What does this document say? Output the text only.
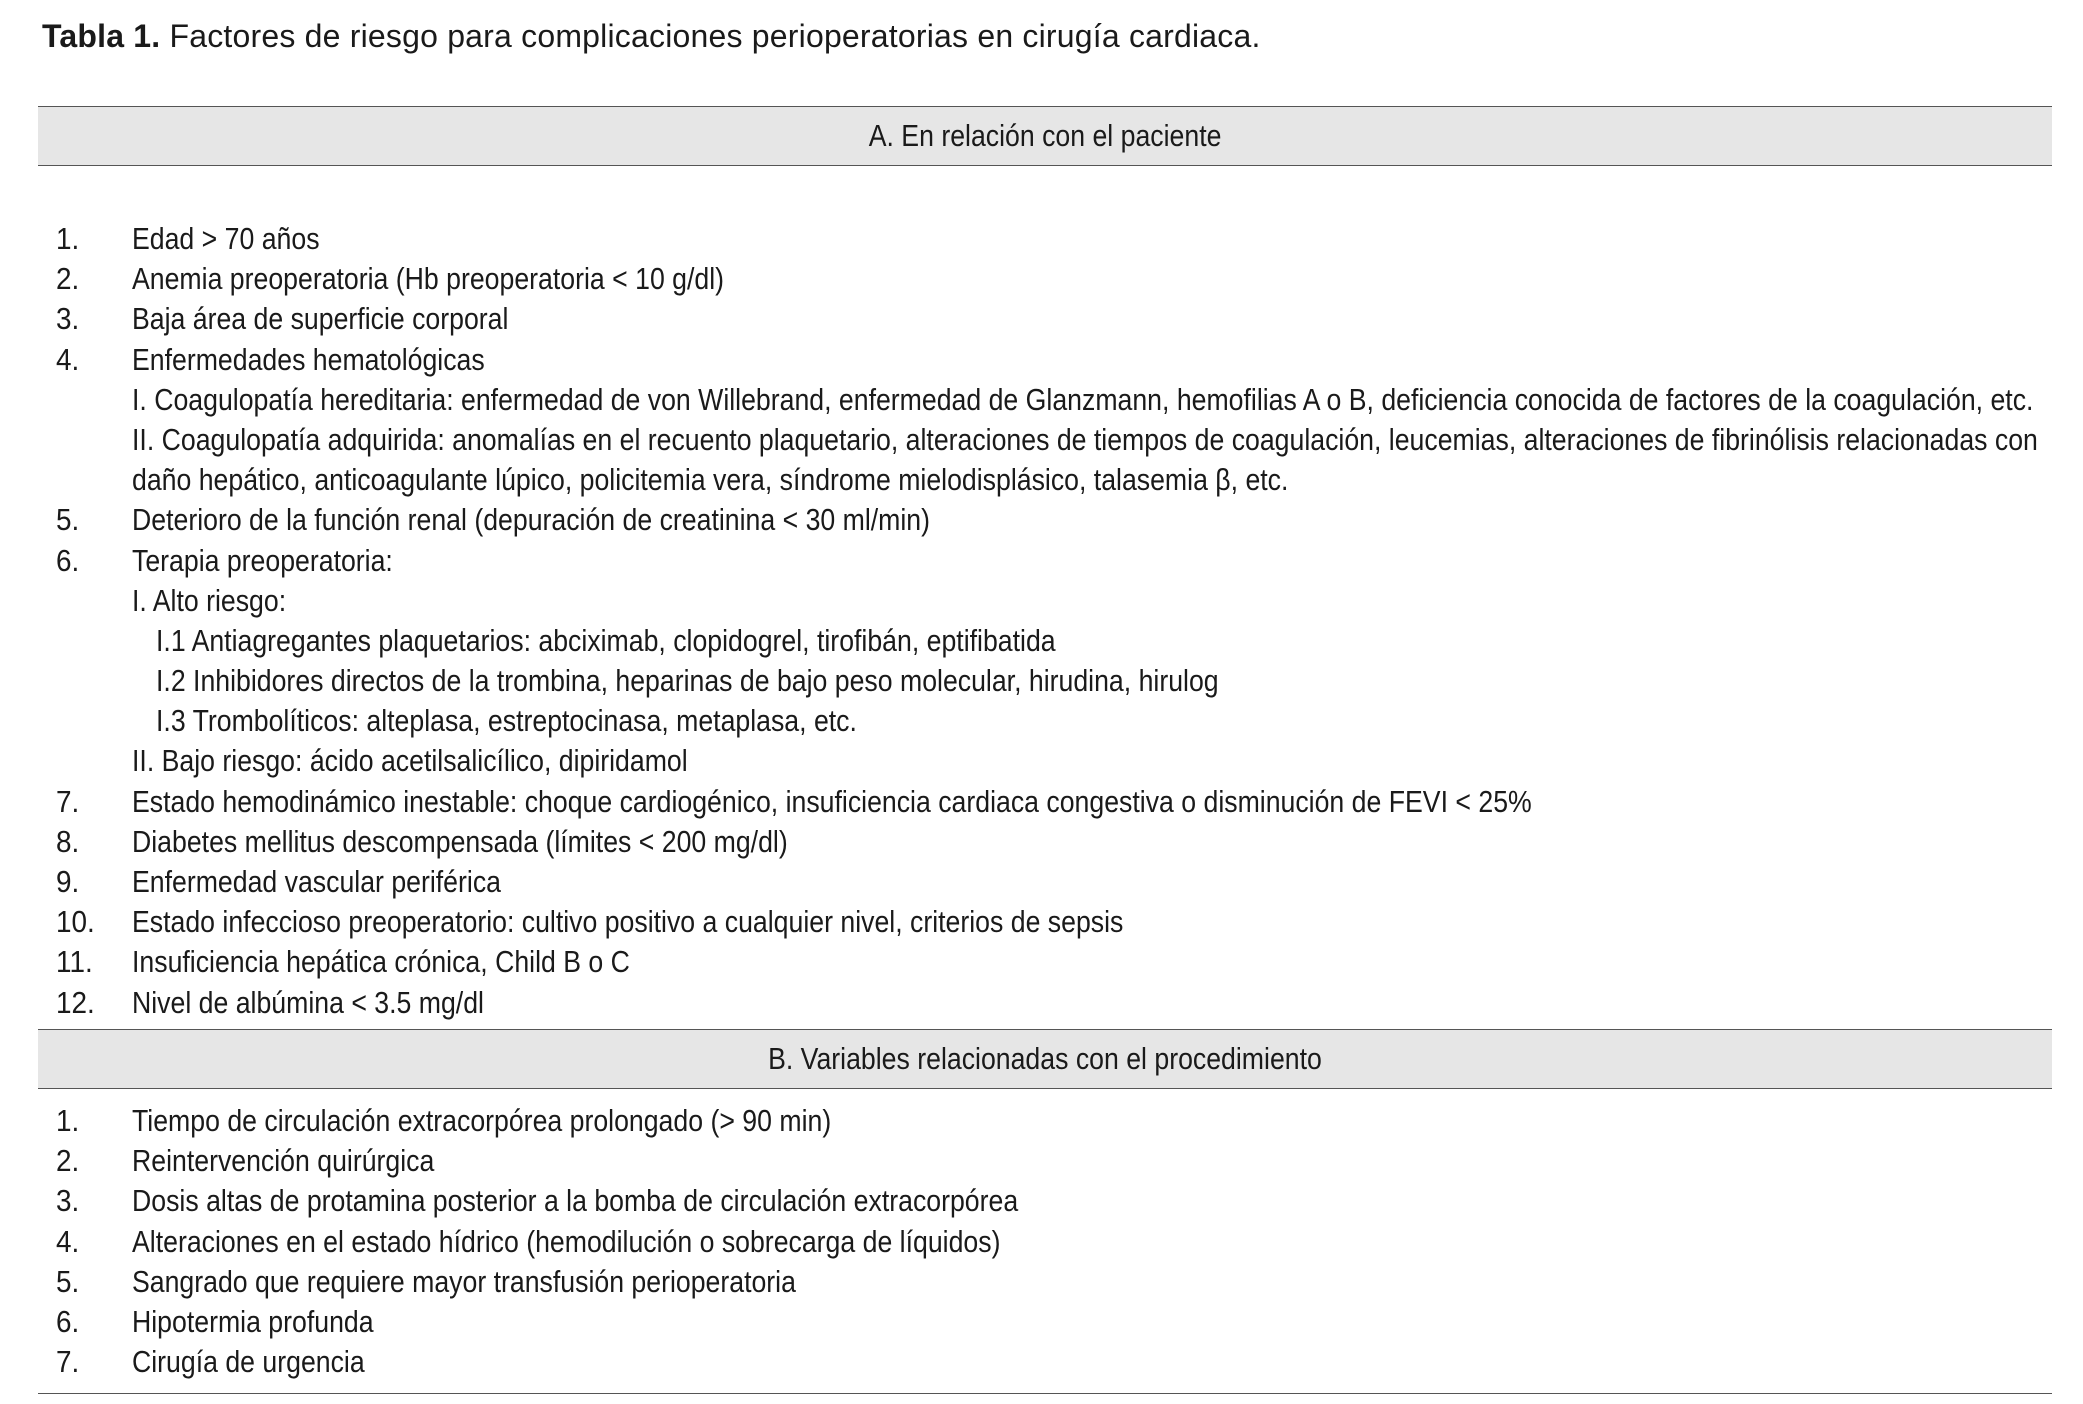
Tabla 1. Factores de riesgo para complicaciones perioperatorias en cirugía cardiaca.
A. En relación con el paciente
1. Edad > 70 años
2. Anemia preoperatoria (Hb preoperatoria < 10 g/dl)
3. Baja área de superficie corporal
4. Enfermedades hematológicas
I. Coagulopatía hereditaria: enfermedad de von Willebrand, enfermedad de Glanzmann, hemofilias A o B, deficiencia conocida de factores de la coagulación, etc.
II. Coagulopatía adquirida: anomalías en el recuento plaquetario, alteraciones de tiempos de coagulación, leucemias, alteraciones de fibrinólisis relacionadas con
daño hepático, anticoagulante lúpico, policitemia vera, síndrome mielodisplásico, talasemia β, etc.
5. Deterioro de la función renal (depuración de creatinina < 30 ml/min)
6. Terapia preoperatoria:
I. Alto riesgo:
I.1 Antiagregantes plaquetarios: abciximab, clopidogrel, tirofibán, eptifibatida
I.2 Inhibidores directos de la trombina, heparinas de bajo peso molecular, hirudina, hirulog
I.3 Trombolíticos: alteplasa, estreptocinasa, metaplasa, etc.
II. Bajo riesgo: ácido acetilsalicílico, dipiridamol
7. Estado hemodinámico inestable: choque cardiogénico, insuficiencia cardiaca congestiva o disminución de FEVI < 25%
8. Diabetes mellitus descompensada (límites < 200 mg/dl)
9. Enfermedad vascular periférica
10. Estado infeccioso preoperatorio: cultivo positivo a cualquier nivel, criterios de sepsis
11. Insuficiencia hepática crónica, Child B o C
12. Nivel de albúmina < 3.5 mg/dl
B. Variables relacionadas con el procedimiento
1. Tiempo de circulación extracorpórea prolongado (> 90 min)
2. Reintervención quirúrgica
3. Dosis altas de protamina posterior a la bomba de circulación extracorpórea
4. Alteraciones en el estado hídrico (hemodilución o sobrecarga de líquidos)
5. Sangrado que requiere mayor transfusión perioperatoria
6. Hipotermia profunda
7. Cirugía de urgencia
